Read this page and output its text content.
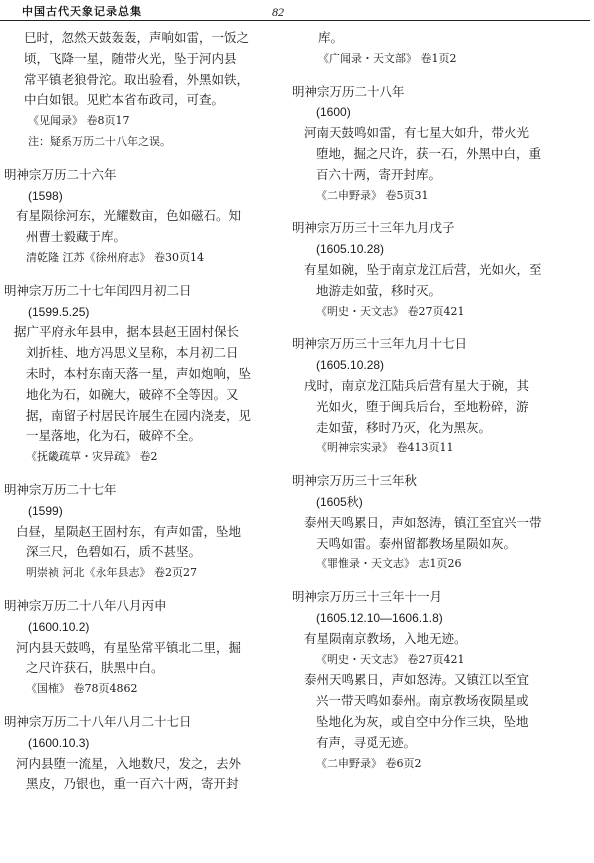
中国古代天象记录总集	82
巳时，忽然天鼓轰轰，声响如雷，一饭之
顷，飞降一星，随带火光，坠于河内县
常平镇老狼骨沱。取出验看，外黑如铁，
中白如银。见贮本省布政司，可查。
《见闻录》 卷8页17
注：疑系万历二十八年之误。
明神宗万历二十六年
(1598)
有星陨徐河东，光耀数亩，色如磁石。知
州曹士毅藏于库。
清乾隆 江苏《徐州府志》 卷30页14
明神宗万历二十七年闰四月初二日
(1599.5.25)
据广平府永年县申，据本县赵王固村保长
刘折桂、地方冯思义呈称，本月初二日
未时，本村东南天落一星，声如炮响，坠
地化为石，如碗大，破碎不全等因。又
据，南留子村居民许展生在园内浇麦，见
一星落地，化为石，破碎不全。
《抚畿疏草・灾异疏》 卷2
明神宗万历二十七年
(1599)
白昼，星陨赵王固村东，有声如雷，坠地
深三尺，色碧如石，质不甚坚。
明崇祯 河北《永年县志》 卷2页27
明神宗万历二十八年八月丙申
(1600.10.2)
河内县天鼓鸣，有星坠常平镇北二里，掘
之尺许获石，肤黑中白。
《国榷》 卷78页4862
明神宗万历二十八年八月二十七日
(1600.10.3)
河内县堕一流星，入地数尺，发之，去外
黑皮，乃银也，重一百六十两，寄开封
库。
《广闻录・天文部》 卷1页2
明神宗万历二十八年
(1600)
河南天鼓鸣如雷，有七星大如升，带火光
堕地，掘之尺许，获一石，外黑中白，重
百六十两，寄开封库。
《二申野录》 卷5页31
明神宗万历三十三年九月戊子
(1605.10.28)
有星如碗，坠于南京龙江后营，光如火，至
地游走如萤，移时灭。
《明史・天文志》 卷27页421
明神宗万历三十三年九月十七日
(1605.10.28)
戌时，南京龙江陆兵后营有星大于碗，其
光如火，堕于闽兵后台，至地粉碎，游
走如萤，移时乃灭，化为黑灰。
《明神宗实录》 卷413页11
明神宗万历三十三年秋
(1605秋)
泰州天鸣累日，声如怒涛，镇江至宜兴一带
天鸣如雷。泰州留都教场星陨如灰。
《罪惟录・天文志》 志1页26
明神宗万历三十三年十一月
(1605.12.10—1606.1.8)
有星陨南京教场，入地无迹。
《明史・天文志》 卷27页421
泰州天鸣累日，声如怒涛。又镇江以至宜
兴一带天鸣如泰州。南京教场夜陨星或
坠地化为灰，或自空中分作三块，坠地
有声，寻觅无迹。
《二申野录》 卷6页2
